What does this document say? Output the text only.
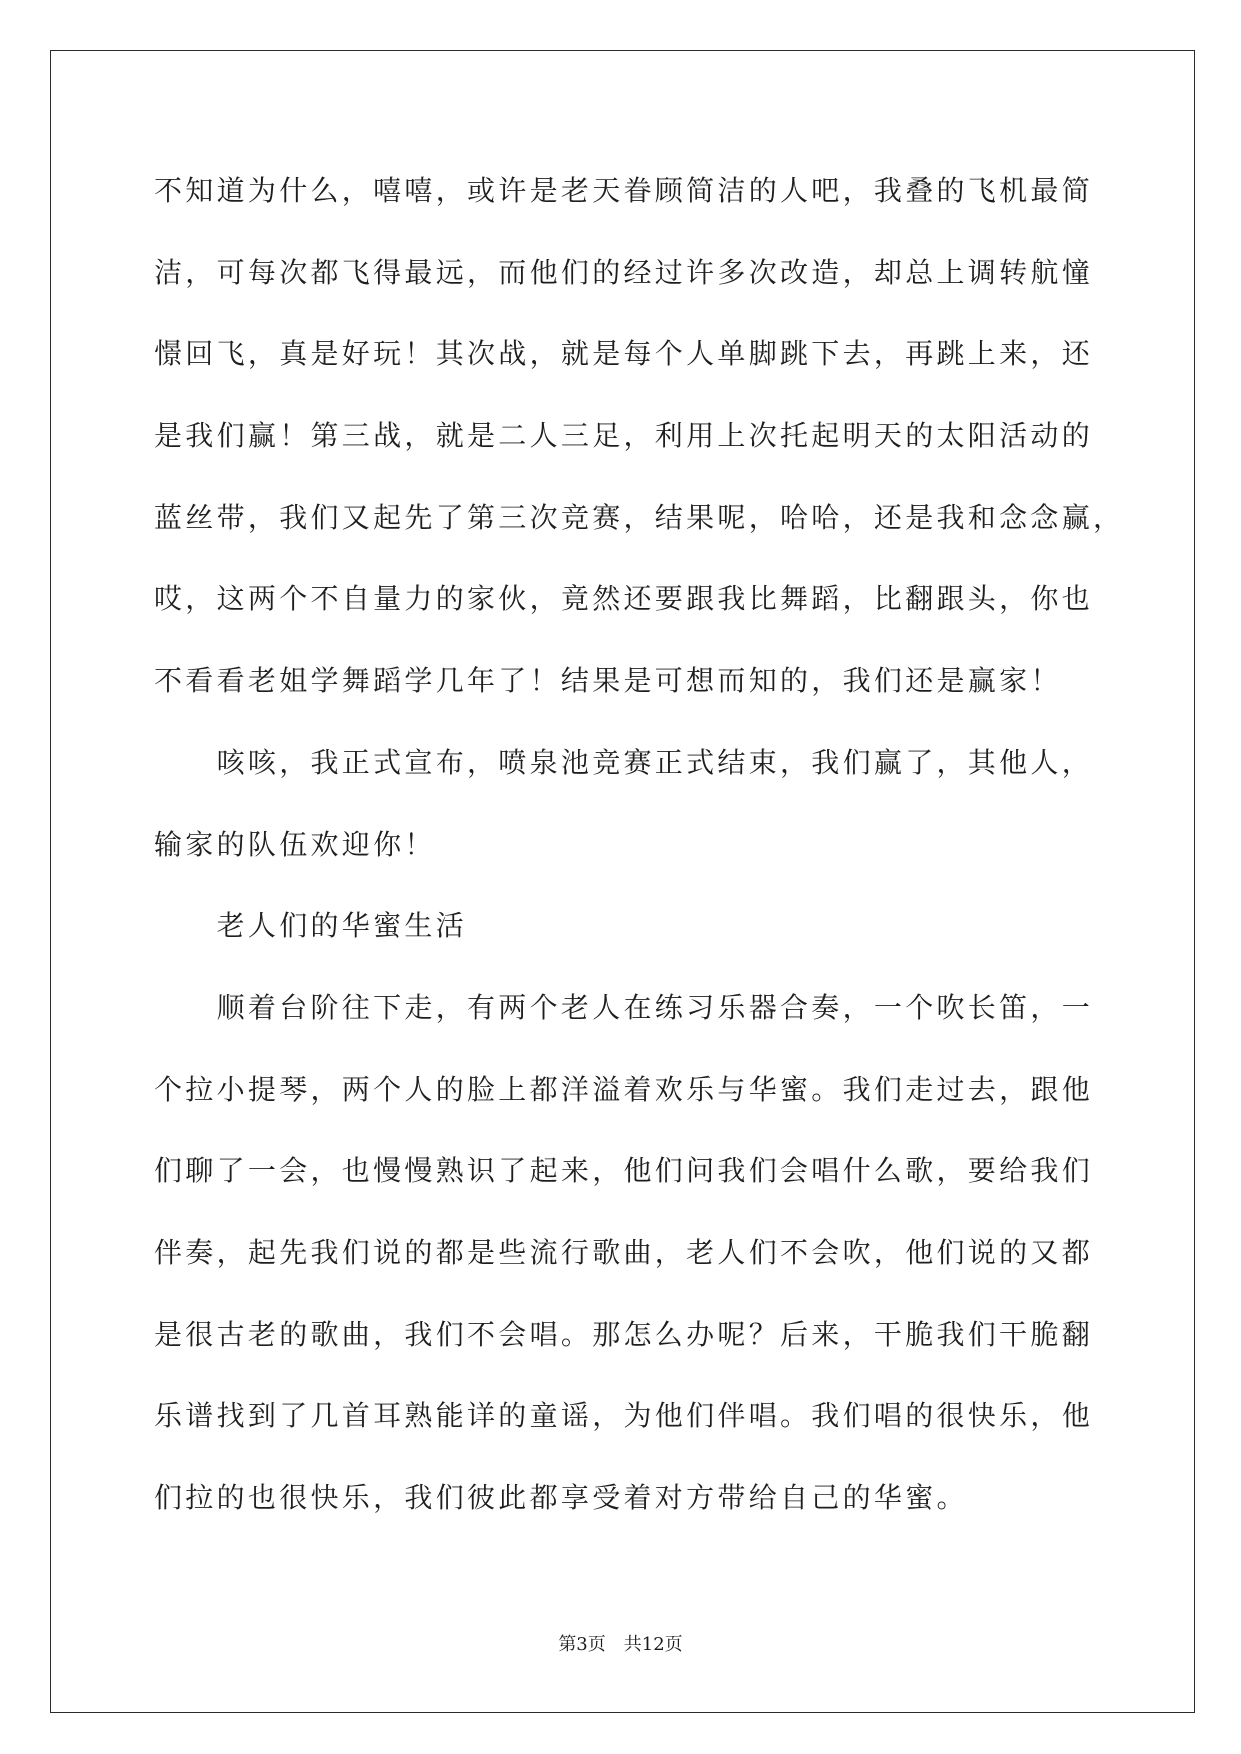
不知道为什么，嘻嘻，或许是老天眷顾简洁的人吧，我叠的飞机最简
洁，可每次都飞得最远，而他们的经过许多次改造，却总上调转航憧
憬回飞，真是好玩！其次战，就是每个人单脚跳下去，再跳上来，还
是我们赢！第三战，就是二人三足，利用上次托起明天的太阳活动的
蓝丝带，我们又起先了第三次竞赛，结果呢，哈哈，还是我和念念赢，
哎，这两个不自量力的家伙，竟然还要跟我比舞蹈，比翻跟头，你也
不看看老姐学舞蹈学几年了！结果是可想而知的，我们还是赢家！
咳咳，我正式宣布，喷泉池竞赛正式结束，我们赢了，其他人，
输家的队伍欢迎你！
老人们的华蜜生活
顺着台阶往下走，有两个老人在练习乐器合奏，一个吹长笛，一
个拉小提琴，两个人的脸上都洋溢着欢乐与华蜜。我们走过去，跟他
们聊了一会，也慢慢熟识了起来，他们问我们会唱什么歌，要给我们
伴奏，起先我们说的都是些流行歌曲，老人们不会吹，他们说的又都
是很古老的歌曲，我们不会唱。那怎么办呢？后来，干脆我们干脆翻
乐谱找到了几首耳熟能详的童谣，为他们伴唱。我们唱的很快乐，他
们拉的也很快乐，我们彼此都享受着对方带给自己的华蜜。
第3页 共12页
